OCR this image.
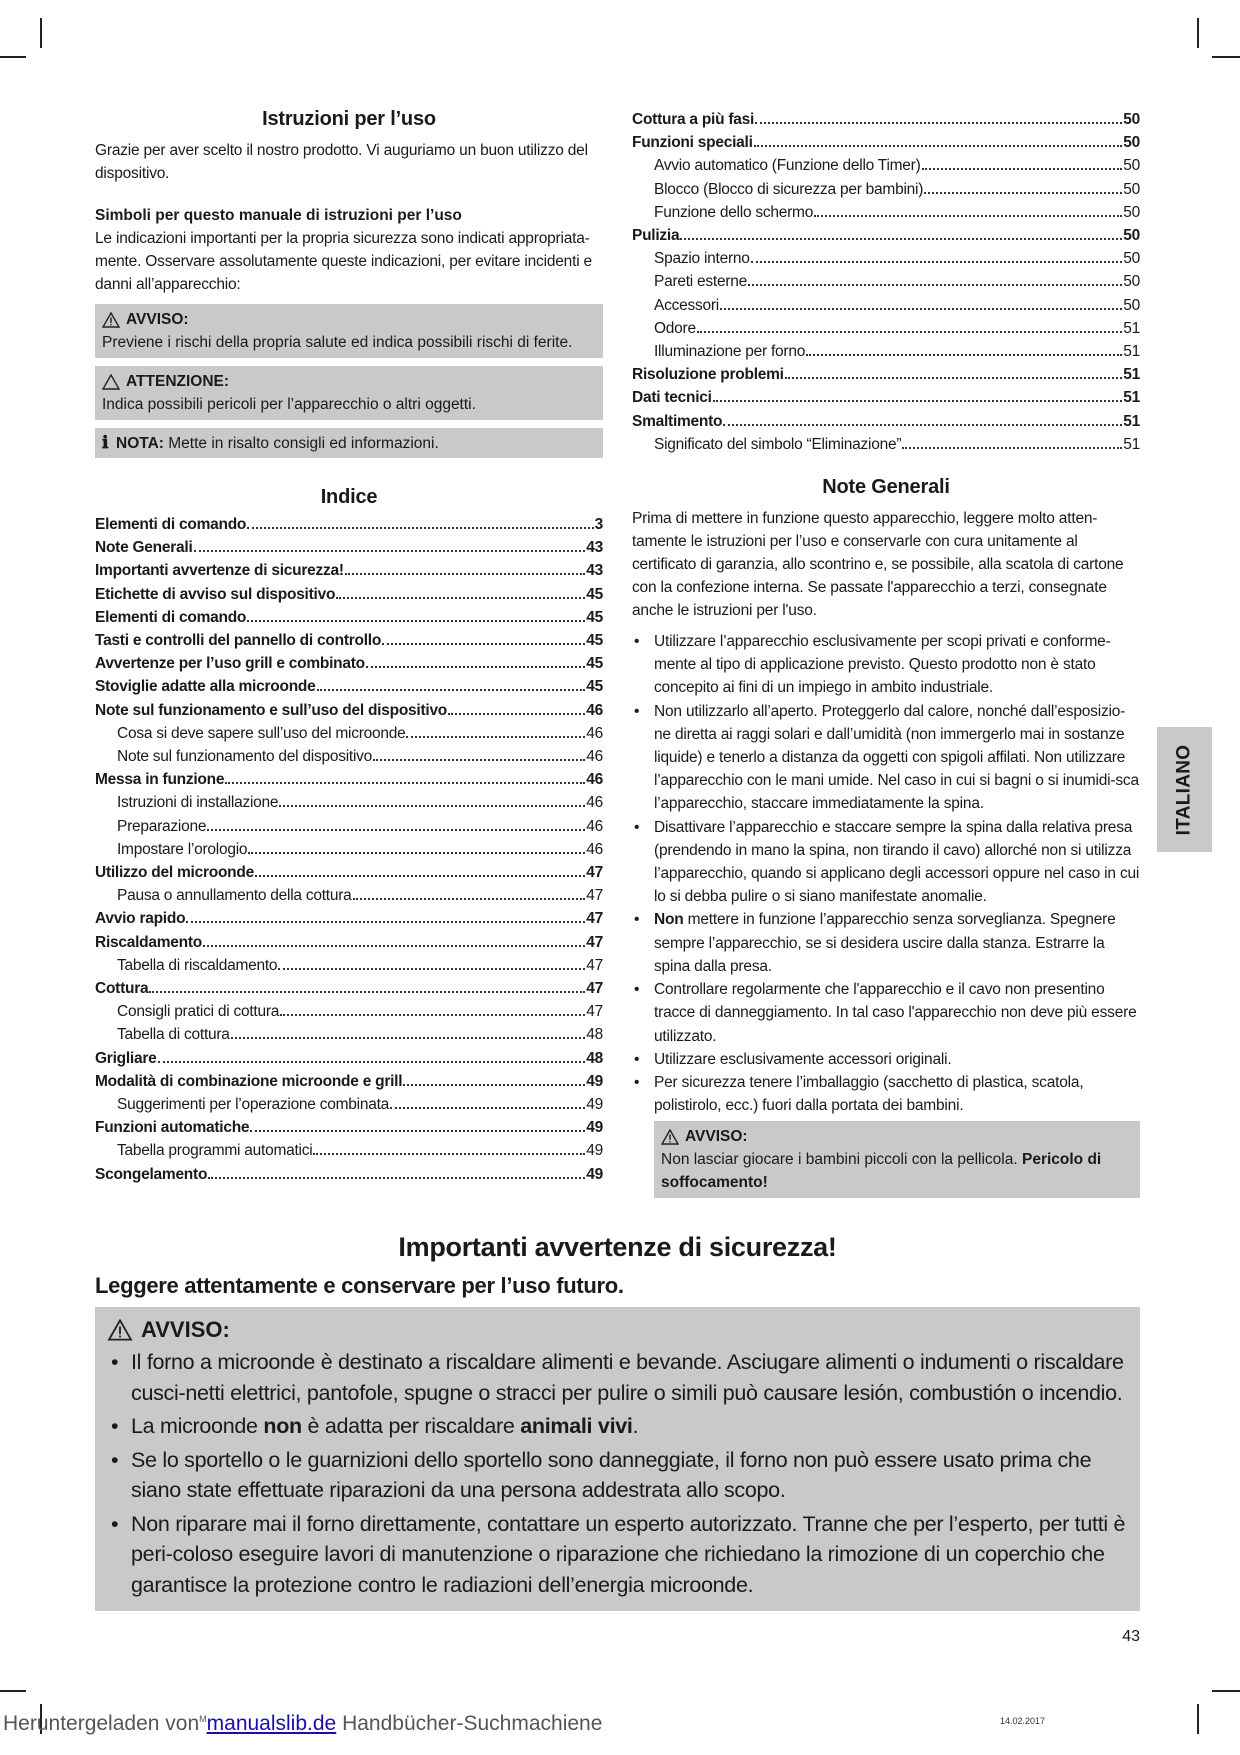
Istruzioni per l’uso

Grazie per aver scelto il nostro prodotto. Vi auguriamo un buon utilizzo del dispositivo.

Simboli per questo manuale di istruzioni per l’uso

Le indicazioni importanti per la propria sicurezza sono indicati appropriata-mente. Osservare assolutamente queste indicazioni, per evitare incidenti e danni all’apparecchio:

AVVISO:
Previene i rischi della propria salute ed indica possibili rischi di ferite.
ATTENZIONE:
Indica possibili pericoli per l’apparecchio o altri oggetti.
ℹ NOTA: Mette in risalto consigli ed informazioni.
Indice
Elementi di comando	3
Note Generali	43
Importanti avvertenze di sicurezza!	43
Etichette di avviso sul dispositivo	45
Elementi di comando	45
Tasti e controlli del pannello di controllo	45
Avvertenze per l’uso grill e combinato	45
Stoviglie adatte alla microonde	45
Note sul funzionamento e sull’uso del dispositivo	46
Cosa si deve sapere sull’uso del microonde	46
Note sul funzionamento del dispositivo	46
Messa in funzione	46
Istruzioni di installazione	46
Preparazione	46
Impostare l’orologio	46
Utilizzo del microonde	47
Pausa o annullamento della cottura	47
Avvio rapido	47
Riscaldamento	47
Tabella di riscaldamento	47
Cottura	47
Consigli pratici di cottura	47
Tabella di cottura	48
Grigliare	48
Modalità di combinazione microonde e grill	49
Suggerimenti per l’operazione combinata	49
Funzioni automatiche	49
Tabella programmi automatici	49
Scongelamento	49
Cottura a più fasi	50
Funzioni speciali	50
Avvio automatico (Funzione dello Timer)	50
Blocco (Blocco di sicurezza per bambini)	50
Funzione dello schermo	50
Pulizia	50
Spazio interno	50
Pareti esterne	50
Accessori	50
Odore	51
Illuminazione per forno	51
Risoluzione problemi	51
Dati tecnici	51
Smaltimento	51
Significato del simbolo “Eliminazione”	51
Note Generali

Prima di mettere in funzione questo apparecchio, leggere molto atten-tamente le istruzioni per l’uso e conservarle con cura unitamente al certificato di garanzia, allo scontrino e, se possibile, alla scatola di cartone con la confezione interna. Se passate l'apparecchio a terzi, consegnate anche le istruzioni per l'uso.

• Utilizzare l’apparecchio esclusivamente per scopi privati e conforme-mente al tipo di applicazione previsto. Questo prodotto non è stato concepito ai fini di un impiego in ambito industriale.
• Non utilizzarlo all’aperto. Proteggerlo dal calore, nonché dall’esposizio-ne diretta ai raggi solari e dall’umidità (non immergerlo mai in sostanze liquide) e tenerlo a distanza da oggetti con spigoli affilati. Non utilizzare l’apparecchio con le mani umide. Nel caso in cui si bagni o si inumidi-sca l’apparecchio, staccare immediatamente la spina.
• Disattivare l’apparecchio e staccare sempre la spina dalla relativa presa (prendendo in mano la spina, non tirando il cavo) allorché non si utilizza l’apparecchio, quando si applicano degli accessori oppure nel caso in cui lo si debba pulire o si siano manifestate anomalie.
• Non mettere in funzione l’apparecchio senza sorveglianza. Spegnere sempre l’apparecchio, se si desidera uscire dalla stanza. Estrarre la spina dalla presa.
• Controllare regolarmente che l'apparecchio e il cavo non presentino tracce di danneggiamento. In tal caso l'apparecchio non deve più essere utilizzato.
• Utilizzare esclusivamente accessori originali.
• Per sicurezza tenere l’imballaggio (sacchetto di plastica, scatola, polistirolo, ecc.) fuori dalla portata dei bambini.
AVVISO:
Non lasciar giocare i bambini piccoli con la pellicola. Pericolo di soffocamento!
ITALIANO
Importanti avvertenze di sicurezza!
Leggere attentamente e conservare per l’uso futuro.
AVVISO:
• Il forno a microonde è destinato a riscaldare alimenti e bevande. Asciugare alimenti o indumenti o riscaldare cusci-netti elettrici, pantofole, spugne o stracci per pulire o simili può causare lesión, combustión o incendio.
• La microonde non è adatta per riscaldare animali vivi.
• Se lo sportello o le guarnizioni dello sportello sono danneggiate, il forno non può essere usato prima che siano state effettuate riparazioni da una persona addestrata allo scopo.
• Non riparare mai il forno direttamente, contattare un esperto autorizzato. Tranne che per l’esperto, per tutti è peri-coloso eseguire lavori di manutenzione o riparazione che richiedano la rimozione di un coperchio che garantisce la protezione contro le radiazioni dell’energia microonde.
43
Heruntergeladen von$^M$manualslib.de Handbücher-Suchmachiene	14.02.2017
